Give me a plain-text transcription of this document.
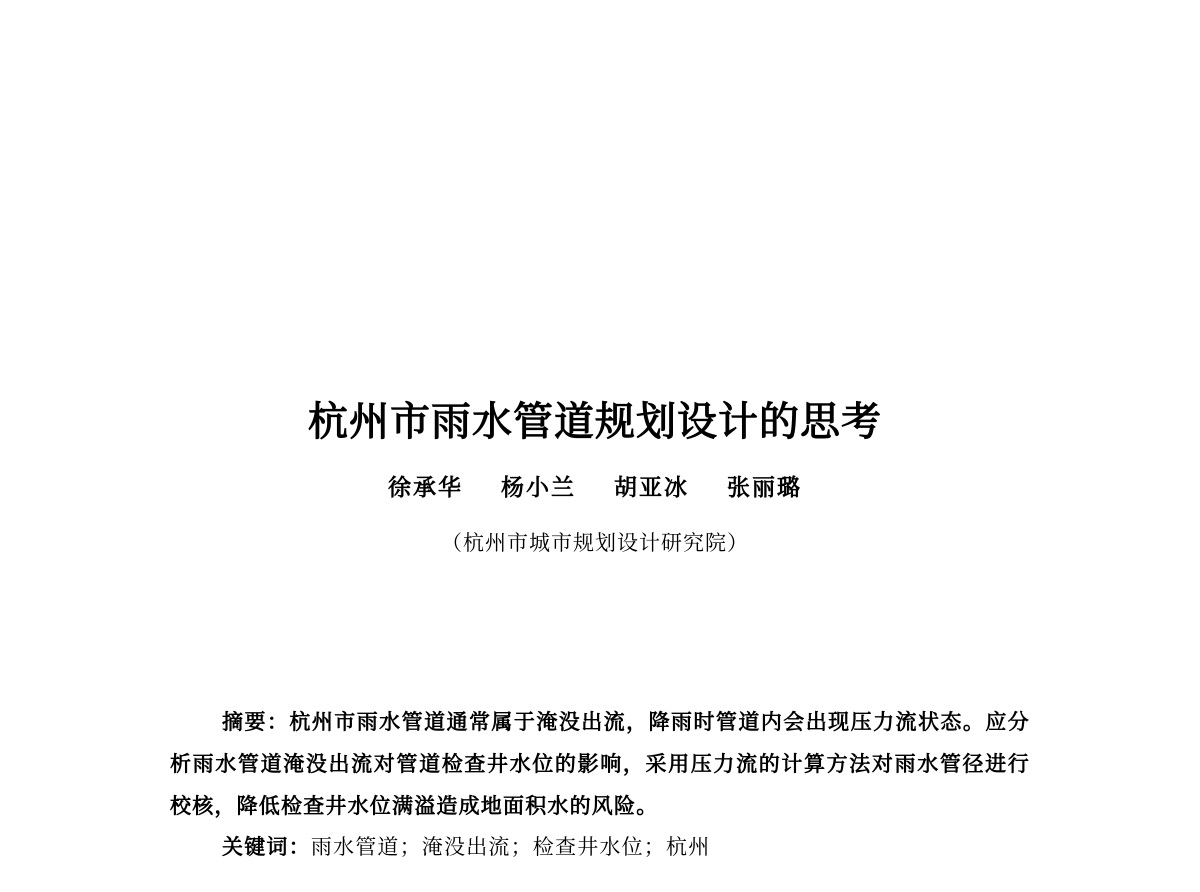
杭州市雨水管道规划设计的思考
徐承华 杨小兰 胡亚冰 张丽璐
（杭州市城市规划设计研究院）

摘要：杭州市雨水管道通常属于淹没出流，降雨时管道内会出现压力流状态。应分析雨水管道淹没出流对管道检查井水位的影响，采用压力流的计算方法对雨水管径进行校核，降低检查井水位满溢造成地面积水的风险。

关键词：雨水管道；淹没出流；检查井水位；杭州
